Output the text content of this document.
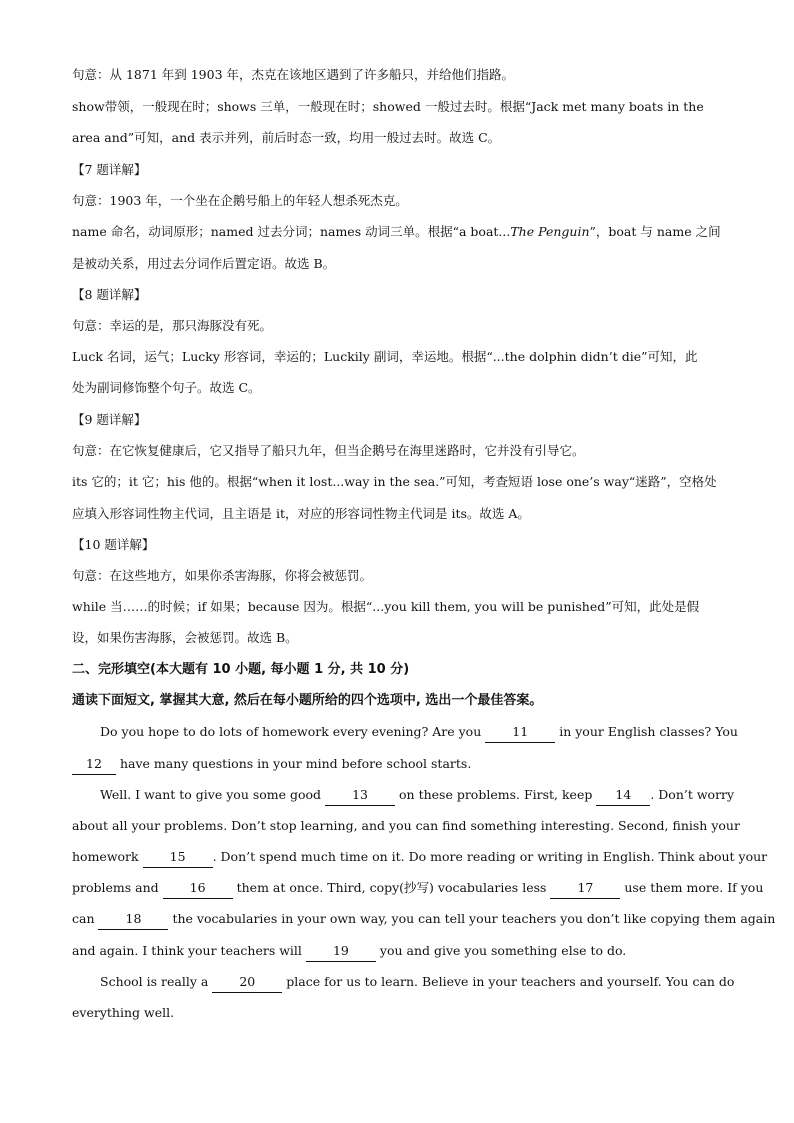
句意：从 1871 年到 1903 年，杰克在该地区遇到了许多船只，并给他们指路。
show带领，一般现在时；shows 三单，一般现在时；showed 一般过去时。根据“Jack met many boats in the
area and”可知，and 表示并列，前后时态一致，均用一般过去时。故选 C。
【7 题详解】
句意：1903 年，一个坐在企鹅号船上的年轻人想杀死杰克。
name 命名，动词原形；named 过去分词；names 动词三单。根据“a boat...The Penguin”，boat 与 name 之间
是被动关系，用过去分词作后置定语。故选 B。
【8 题详解】
句意：幸运的是，那只海豚没有死。
Luck 名词，运气；Lucky 形容词，幸运的；Luckily 副词，幸运地。根据“...the dolphin didn’t die”可知，此
处为副词修饰整个句子。故选 C。
【9 题详解】
句意：在它恢复健康后，它又指导了船只九年，但当企鹅号在海里迷路时，它并没有引导它。
its 它的；it 它；his 他的。根据“when it lost...way in the sea.”可知，考查短语 lose one’s way“迷路”，空格处
应填入形容词性物主代词，且主语是 it，对应的形容词性物主代词是 its。故选 A。
【10 题详解】
句意：在这些地方，如果你杀害海豚，你将会被惩罚。
while 当……的时候；if 如果；because 因为。根据“...you kill them, you will be punished”可知，此处是假
设，如果伤害海豚，会被惩罚。故选 B。
二、完形填空(本大题有 10 小题, 每小题 1 分, 共 10 分)
通读下面短文, 掌握其大意, 然后在每小题所给的四个选项中, 选出一个最佳答案。
Do you hope to do lots of homework every evening? Are you 11 in your English classes? You
12 have many questions in your mind before school starts.
Well. I want to give you some good 13 on these problems. First, keep 14 . Don’t worry
about all your problems. Don’t stop learning, and you can find something interesting. Second, finish your
homework 15 . Don’t spend much time on it. Do more reading or writing in English. Think about your
problems and 16 them at once. Third, copy(抄写) vocabularies less 17 use them more. If you
can 18 the vocabularies in your own way, you can tell your teachers you don’t like copying them again
and again. I think your teachers will 19 you and give you something else to do.
School is really a 20 place for us to learn. Believe in your teachers and yourself. You can do
everything well.
